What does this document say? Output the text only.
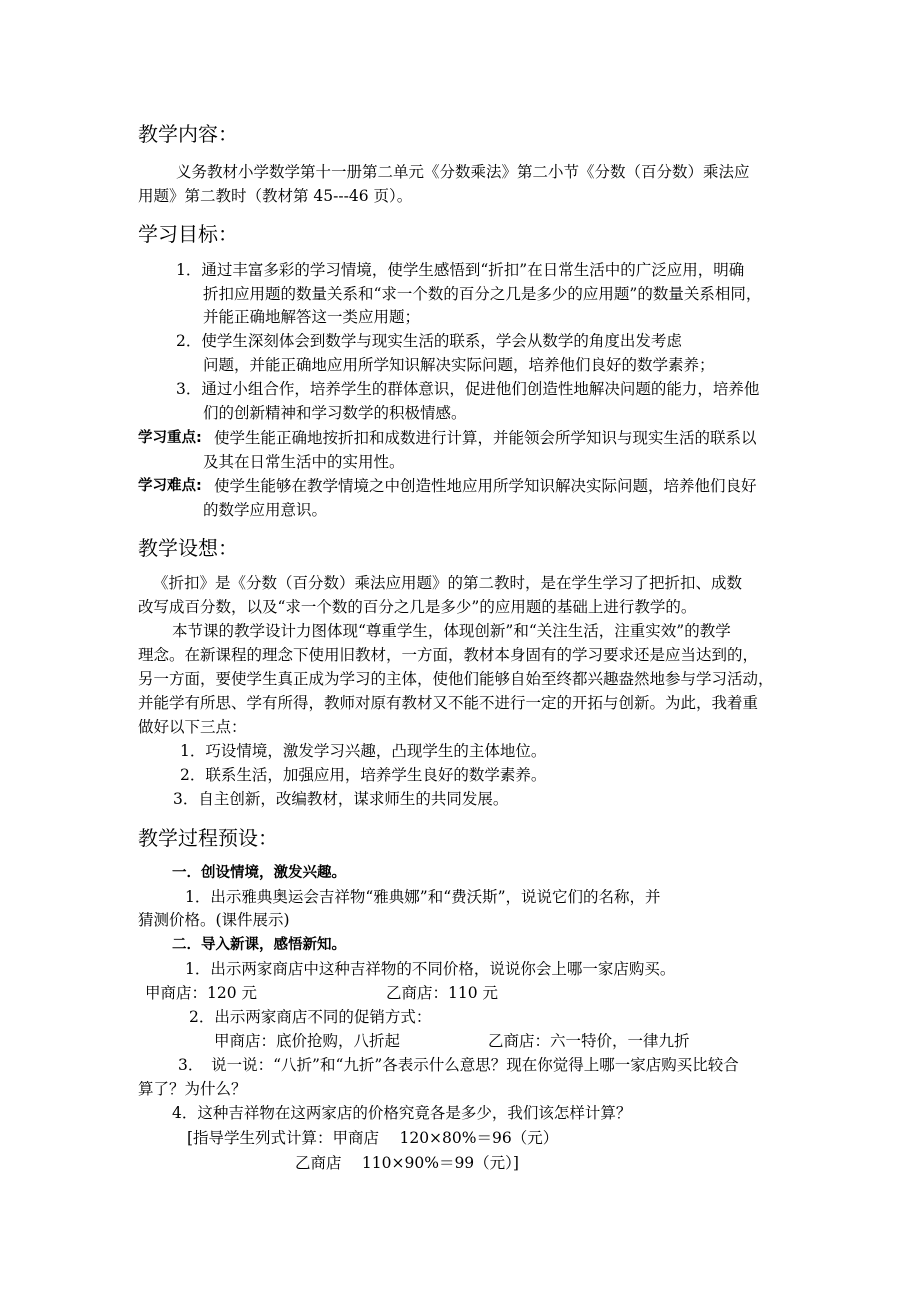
教学内容：
义务教材小学数学第十一册第二单元《分数乘法》第二小节《分数（百分数）乘法应
用题》第二教时（教材第 45---46 页）。
学习目标：
1．通过丰富多彩的学习情境，使学生感悟到“折扣”在日常生活中的广泛应用，明确
折扣应用题的数量关系和“求一个数的百分之几是多少的应用题”的数量关系相同，
并能正确地解答这一类应用题；
2．使学生深刻体会到数学与现实生活的联系，学会从数学的角度出发考虑
问题，并能正确地应用所学知识解决实际问题，培养他们良好的数学素养；
3．通过小组合作，培养学生的群体意识，促进他们创造性地解决问题的能力，培养他
们的创新精神和学习数学的积极情感。
学习重点: 使学生能正确地按折扣和成数进行计算，并能领会所学知识与现实生活的联系以
及其在日常生活中的实用性。
学习难点: 使学生能够在教学情境之中创造性地应用所学知识解决实际问题，培养他们良好
的数学应用意识。
教学设想：
《折扣》是《分数（百分数）乘法应用题》的第二教时，是在学生学习了把折扣、成数
改写成百分数，以及“求一个数的百分之几是多少”的应用题的基础上进行教学的。
本节课的教学设计力图体现“尊重学生，体现创新”和“关注生活，注重实效”的教学
理念。在新课程的理念下使用旧教材，一方面，教材本身固有的学习要求还是应当达到的，
另一方面，要使学生真正成为学习的主体，使他们能够自始至终都兴趣盎然地参与学习活动，
并能学有所思、学有所得，教师对原有教材又不能不进行一定的开拓与创新。为此，我着重
做好以下三点：
1．巧设情境，激发学习兴趣，凸现学生的主体地位。
2．联系生活，加强应用，培养学生良好的数学素养。
3．自主创新，改编教材，谋求师生的共同发展。
教学过程预设：
一．创设情境，激发兴趣。
1．出示雅典奥运会吉祥物“雅典娜”和“费沃斯”，说说它们的名称，并
猜测价格。(课件展示)
二．导入新课，感悟新知。
1．出示两家商店中这种吉祥物的不同价格，说说你会上哪一家店购买。
甲商店：120 元	乙商店：110 元
2．出示两家商店不同的促销方式：
甲商店：底价抢购，八折起	乙商店：六一特价，一律九折
3．　说一说：“八折”和“九折”各表示什么意思？现在你觉得上哪一家店购买比较合
算了？为什么？
4．这种吉祥物在这两家店的价格究竟各是多少，我们该怎样计算？
[指导学生列式计算：甲商店　 120×80%＝96（元）
乙商店　 110×90%＝99（元）]
